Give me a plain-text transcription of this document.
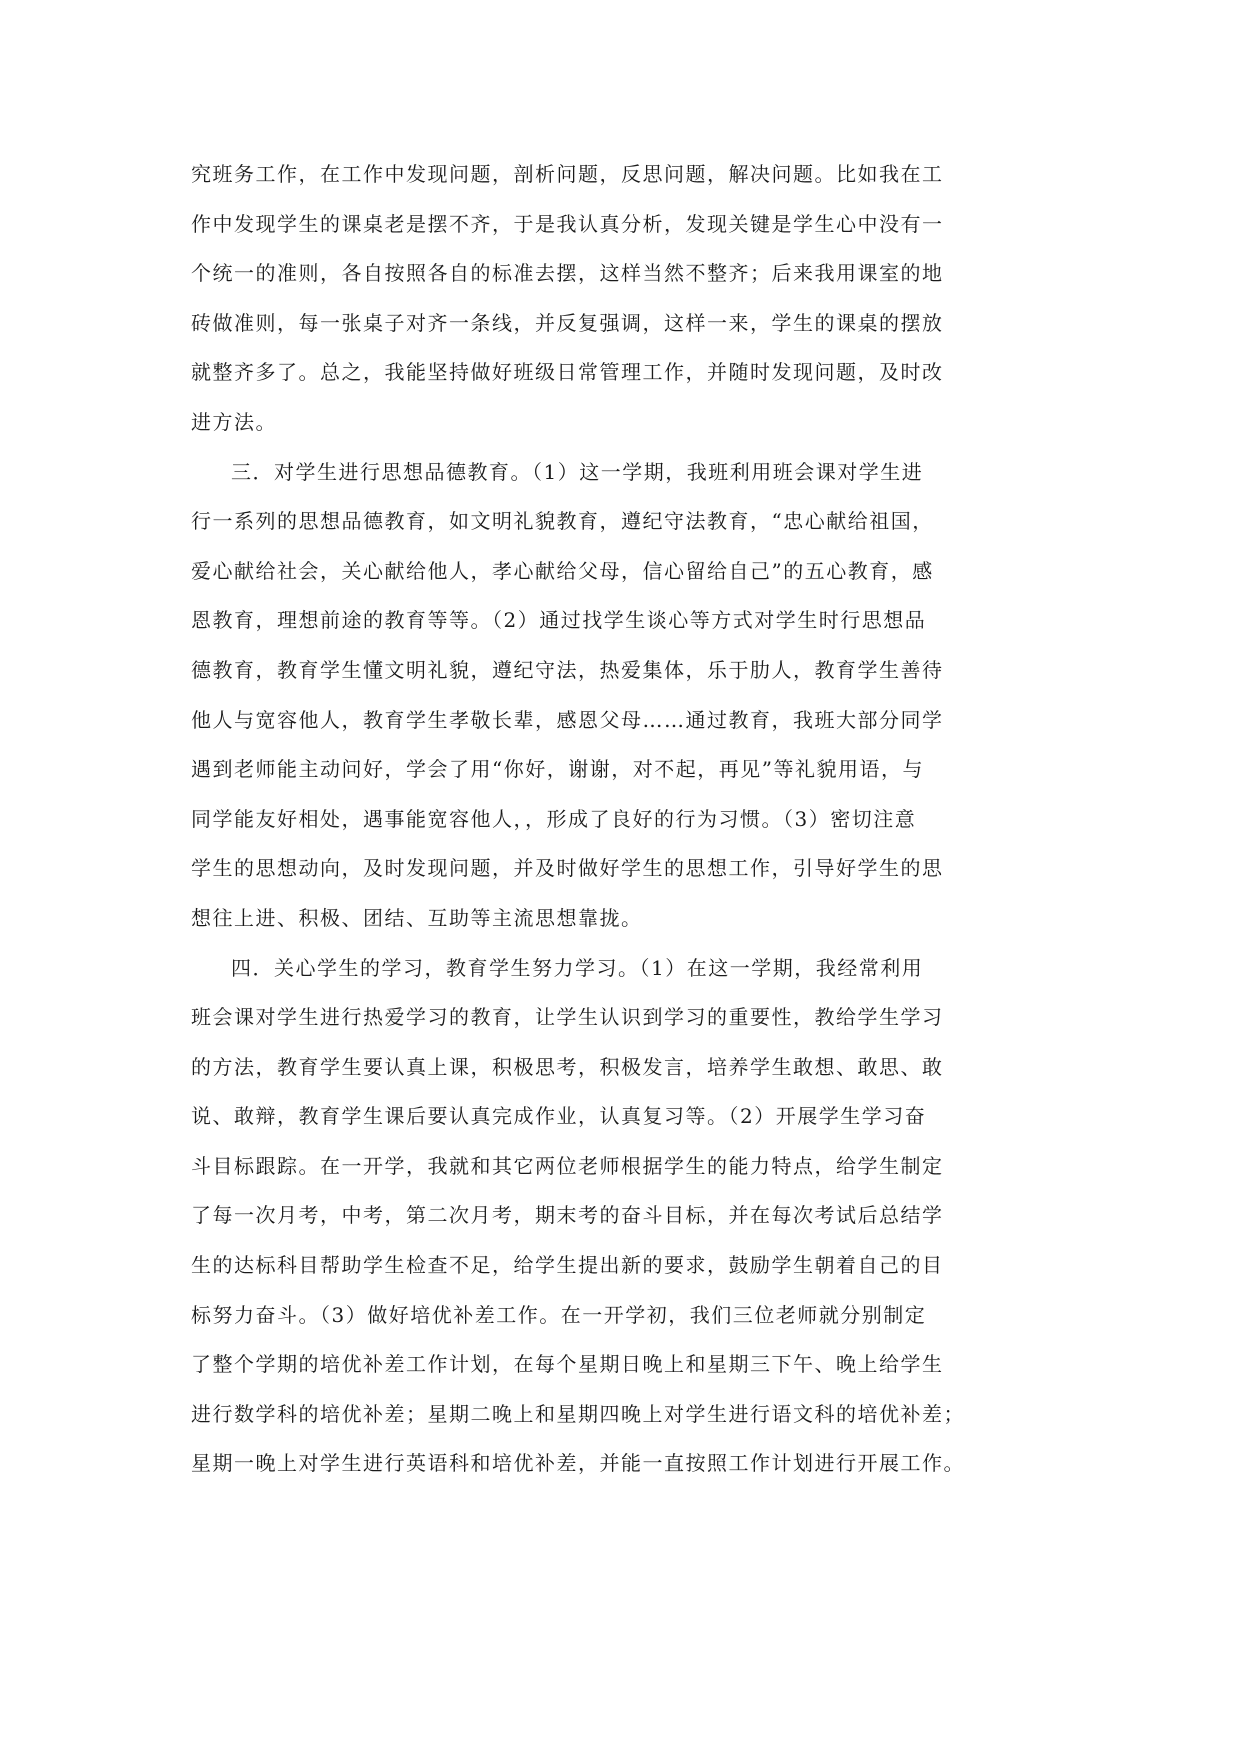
究班务工作，在工作中发现问题，剖析问题，反思问题，解决问题。比如我在工
作中发现学生的课桌老是摆不齐，于是我认真分析，发现关键是学生心中没有一
个统一的准则，各自按照各自的标准去摆，这样当然不整齐；后来我用课室的地
砖做准则，每一张桌子对齐一条线，并反复强调，这样一来，学生的课桌的摆放
就整齐多了。总之，我能坚持做好班级日常管理工作，并随时发现问题，及时改
进方法。
三．对学生进行思想品德教育。（1）这一学期，我班利用班会课对学生进
行一系列的思想品德教育，如文明礼貌教育，遵纪守法教育，“忠心献给祖国，
爱心献给社会，关心献给他人，孝心献给父母，信心留给自己”的五心教育，感
恩教育，理想前途的教育等等。（2）通过找学生谈心等方式对学生时行思想品
德教育，教育学生懂文明礼貌，遵纪守法，热爱集体，乐于肋人，教育学生善待
他人与宽容他人，教育学生孝敬长辈，感恩父母……通过教育，我班大部分同学
遇到老师能主动问好，学会了用“你好，谢谢，对不起，再见”等礼貌用语，与
同学能友好相处，遇事能宽容他人，，形成了良好的行为习惯。（3）密切注意
学生的思想动向，及时发现问题，并及时做好学生的思想工作，引导好学生的思
想往上进、积极、团结、互助等主流思想靠拢。
四．关心学生的学习，教育学生努力学习。（1）在这一学期，我经常利用
班会课对学生进行热爱学习的教育，让学生认识到学习的重要性，教给学生学习
的方法，教育学生要认真上课，积极思考，积极发言，培养学生敢想、敢思、敢
说、敢辩，教育学生课后要认真完成作业，认真复习等。（2）开展学生学习奋
斗目标跟踪。在一开学，我就和其它两位老师根据学生的能力特点，给学生制定
了每一次月考，中考，第二次月考，期末考的奋斗目标，并在每次考试后总结学
生的达标科目帮助学生检查不足，给学生提出新的要求，鼓励学生朝着自己的目
标努力奋斗。（3）做好培优补差工作。在一开学初，我们三位老师就分别制定
了整个学期的培优补差工作计划，在每个星期日晚上和星期三下午、晚上给学生
进行数学科的培优补差；星期二晚上和星期四晚上对学生进行语文科的培优补差；
星期一晚上对学生进行英语科和培优补差，并能一直按照工作计划进行开展工作。
